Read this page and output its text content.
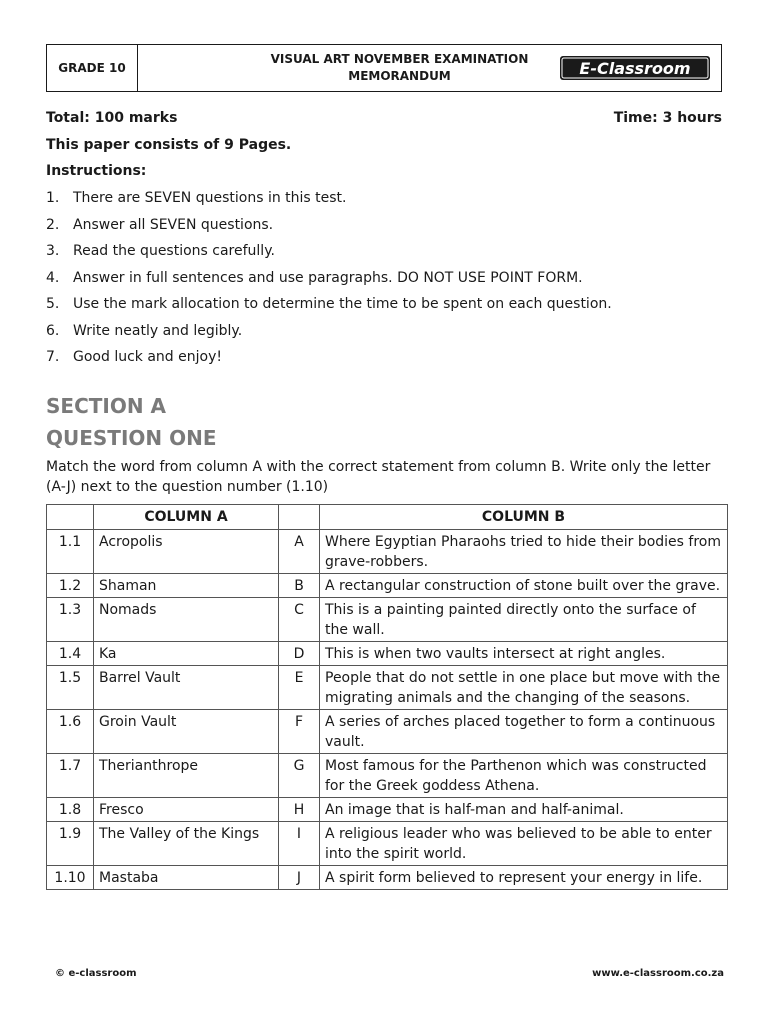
GRADE 10
VISUAL ART NOVEMBER EXAMINATION
MEMORANDUM	E-Classroom
Total: 100 marks	Time: 3 hours
This paper consists of 9 Pages.
Instructions:
1. There are SEVEN questions in this test.
2. Answer all SEVEN questions.
3. Read the questions carefully.
4. Answer in full sentences and use paragraphs. DO NOT USE POINT FORM.
5. Use the mark allocation to determine the time to be spent on each question.
6. Write neatly and legibly.
7. Good luck and enjoy!
SECTION A
QUESTION ONE
Match the word from column A with the correct statement from column B. Write only the letter (A-J) next to the question number (1.10)
	COLUMN A		COLUMN B
1.1	Acropolis	A	Where Egyptian Pharaohs tried to hide their bodies from grave-robbers.
1.2	Shaman	B	A rectangular construction of stone built over the grave.
1.3	Nomads	C	This is a painting painted directly onto the surface of the wall.
1.4	Ka	D	This is when two vaults intersect at right angles.
1.5	Barrel Vault	E	People that do not settle in one place but move with the migrating animals and the changing of the seasons.
1.6	Groin Vault	F	A series of arches placed together to form a continuous vault.
1.7	Therianthrope	G	Most famous for the Parthenon which was constructed for the Greek goddess Athena.
1.8	Fresco	H	An image that is half-man and half-animal.
1.9	The Valley of the Kings	I	A religious leader who was believed to be able to enter into the spirit world.
1.10	Mastaba	J	A spirit form believed to represent your energy in life.
© e-classroom	www.e-classroom.co.za
